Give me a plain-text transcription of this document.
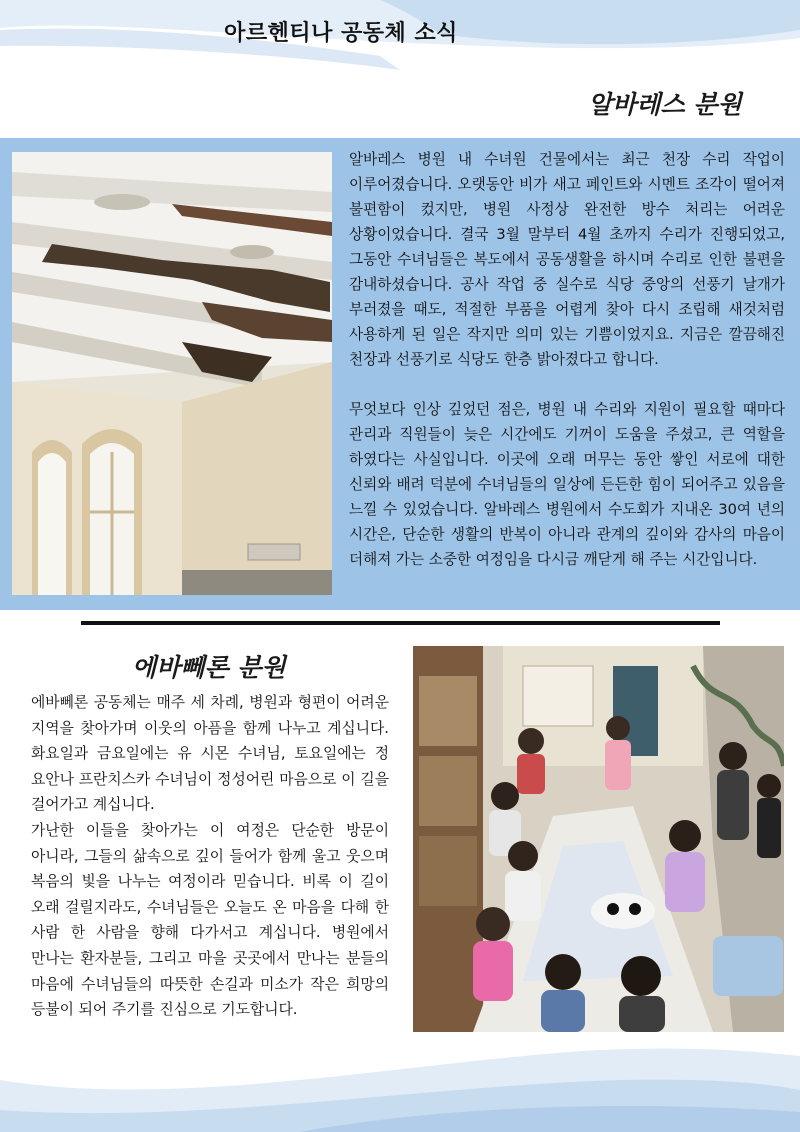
아르헨티나 공동체 소식
알바레스 분원

알바레스 병원 내 수녀원 건물에서는 최근 천장 수리 작업이 이루어졌습니다. 오랫동안 비가 새고 페인트와 시멘트 조각이 떨어져 불편함이 컸지만, 병원 사정상 완전한 방수 처리는 어려운 상황이었습니다. 결국 3월 말부터 4월 초까지 수리가 진행되었고, 그동안 수녀님들은 복도에서 공동생활을 하시며 수리로 인한 불편을 감내하셨습니다. 공사 작업 중 실수로 식당 중앙의 선풍기 날개가 부러졌을 때도, 적절한 부품을 어렵게 찾아 다시 조립해 새것처럼 사용하게 된 일은 작지만 의미 있는 기쁨이었지요. 지금은 깔끔해진 천장과 선풍기로 식당도 한층 밝아졌다고 합니다.

무엇보다 인상 깊었던 점은, 병원 내 수리와 지원이 필요할 때마다 관리과 직원들이 늦은 시간에도 기꺼이 도움을 주셨고, 큰 역할을 하였다는 사실입니다. 이곳에 오래 머무는 동안 쌓인 서로에 대한 신뢰와 배려 덕분에 수녀님들의 일상에 든든한 힘이 되어주고 있음을 느낄 수 있었습니다. 알바레스 병원에서 수도회가 지내온 30여 년의 시간은, 단순한 생활의 반복이 아니라 관계의 깊이와 감사의 마음이 더해져 가는 소중한 여정임을 다시금 깨닫게 해 주는 시간입니다.

에바뻬론 분원

에바뻬론 공동체는 매주 세 차례, 병원과 형편이 어려운 지역을 찾아가며 이웃의 아픔을 함께 나누고 계십니다. 화요일과 금요일에는 유 시몬 수녀님, 토요일에는 정 요안나 프란치스카 수녀님이 정성어린 마음으로 이 길을 걸어가고 계십니다.

가난한 이들을 찾아가는 이 여정은 단순한 방문이 아니라, 그들의 삶속으로 깊이 들어가 함께 울고 웃으며 복음의 빛을 나누는 여정이라 믿습니다. 비록 이 길이 오래 걸릴지라도, 수녀님들은 오늘도 온 마음을 다해 한 사람 한 사람을 향해 다가서고 계십니다. 병원에서 만나는 환자분들, 그리고 마을 곳곳에서 만나는 분들의 마음에 수녀님들의 따뜻한 손길과 미소가 작은 희망의 등불이 되어 주기를 진심으로 기도합니다.
